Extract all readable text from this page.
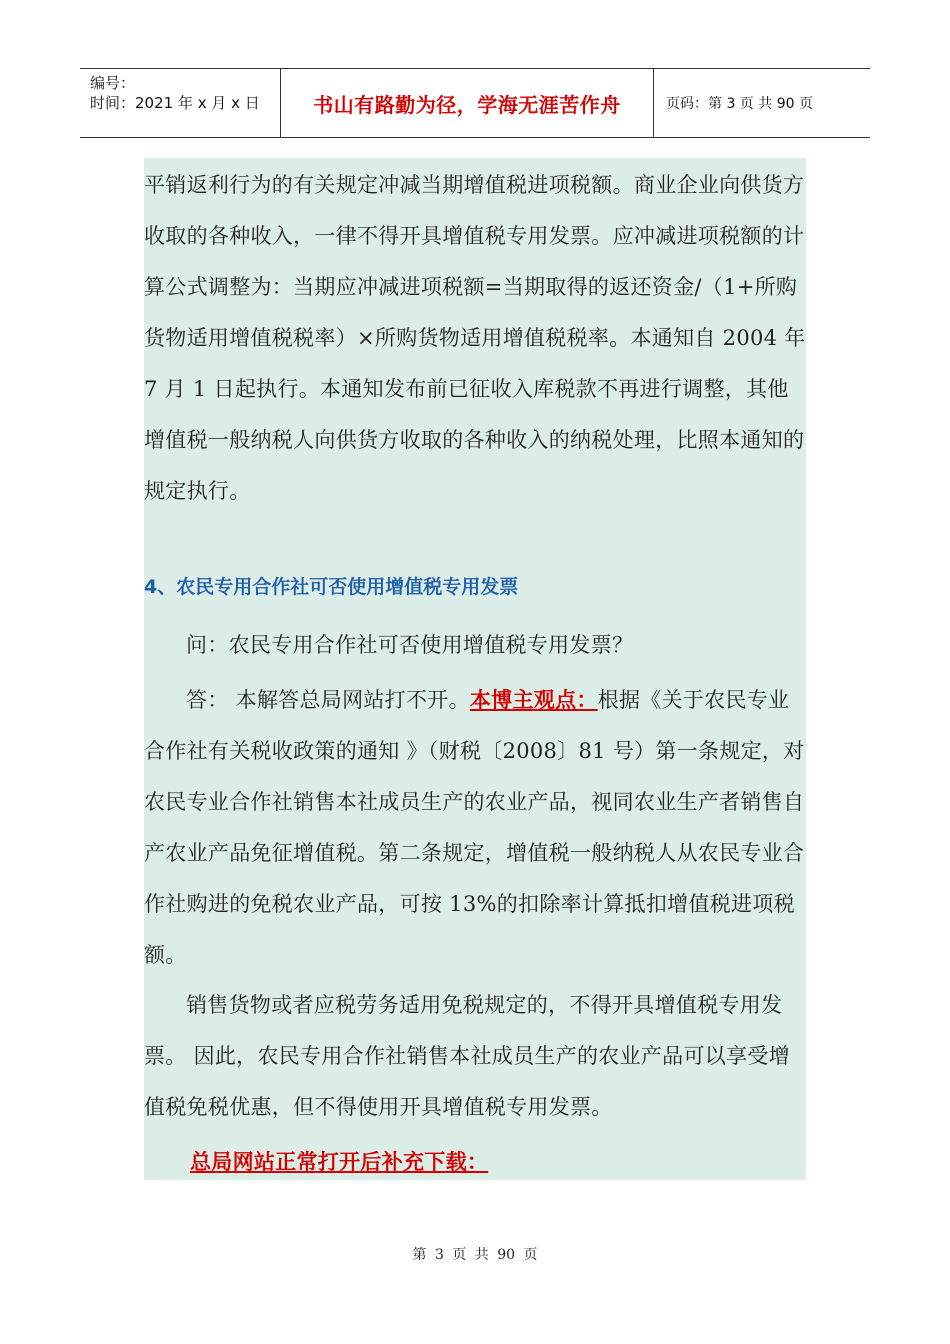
编号：
时间：2021 年 x 月 x 日	书山有路勤为径，学海无涯苦作舟	页码：第 3 页 共 90 页
平销返利行为的有关规定冲减当期增值税进项税额。商业企业向供货方收取的各种收入，一律不得开具增值税专用发票。应冲减进项税额的计算公式调整为：当期应冲减进项税额=当期取得的返还资金/（1+所购货物适用增值税税率）×所购货物适用增值税税率。本通知自 2004 年 7 月 1 日起执行。本通知发布前已征收入库税款不再进行调整，其他增值税一般纳税人向供货方收取的各种收入的纳税处理，比照本通知的规定执行。
4、农民专用合作社可否使用增值税专用发票
问：农民专用合作社可否使用增值税专用发票？
答： 本解答总局网站打不开。本博主观点：根据《关于农民专业合作社有关税收政策的通知 》（财税〔2008〕81 号）第一条规定，对农民专业合作社销售本社成员生产的农业产品，视同农业生产者销售自产农业产品免征增值税。第二条规定，增值税一般纳税人从农民专业合作社购进的免税农业产品，可按 13%的扣除率计算抵扣增值税进项税额。
销售货物或者应税劳务适用免税规定的，不得开具增值税专用发票。 因此，农民专用合作社销售本社成员生产的农业产品可以享受增值税免税优惠，但不得使用开具增值税专用发票。
总局网站正常打开后补充下载：
第 3 页 共 90 页
